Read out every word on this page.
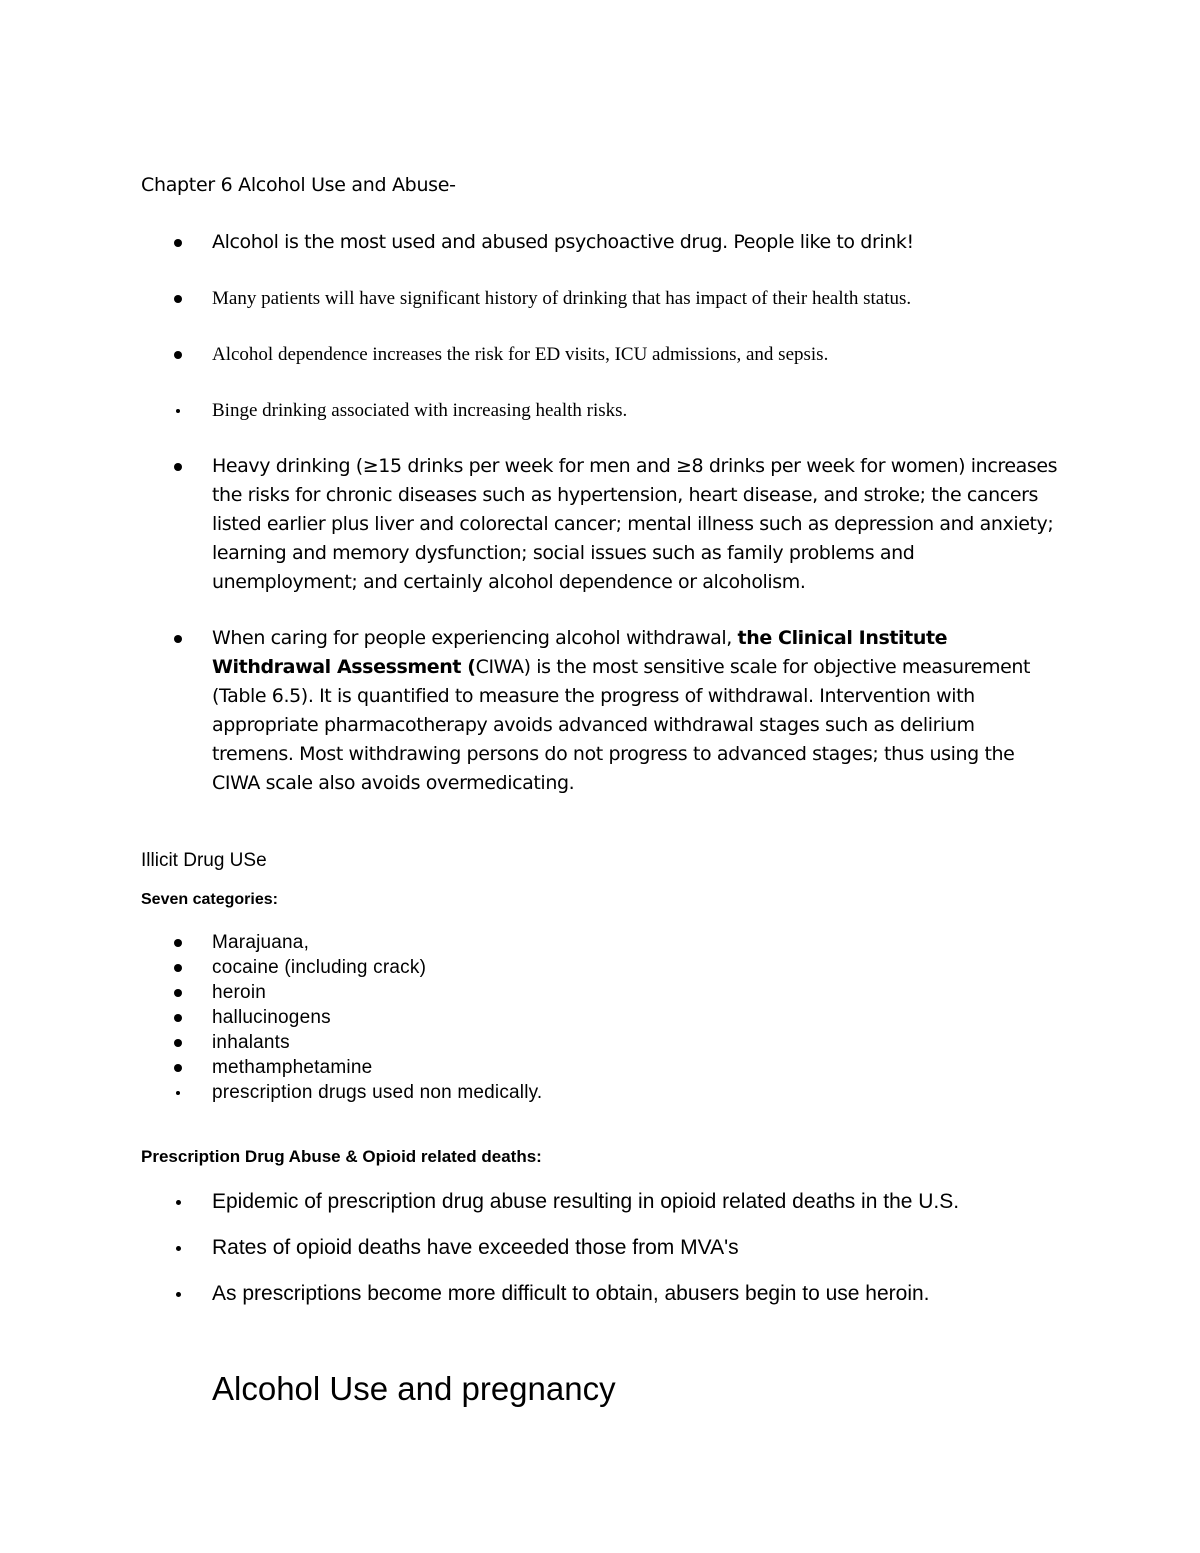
Chapter 6 Alcohol Use and Abuse-
Alcohol is the most used and abused psychoactive drug. People like to drink!
Many patients will have significant history of drinking that has impact of their health status.
Alcohol dependence increases the risk for ED visits, ICU admissions, and sepsis.
Binge drinking associated with increasing health risks.
Heavy drinking (≥15 drinks per week for men and ≥8 drinks per week for women) increases the risks for chronic diseases such as hypertension, heart disease, and stroke; the cancers listed earlier plus liver and colorectal cancer; mental illness such as depression and anxiety; learning and memory dysfunction; social issues such as family problems and unemployment; and certainly alcohol dependence or alcoholism.
When caring for people experiencing alcohol withdrawal, the Clinical Institute Withdrawal Assessment (CIWA) is the most sensitive scale for objective measurement (Table 6.5). It is quantified to measure the progress of withdrawal. Intervention with appropriate pharmacotherapy avoids advanced withdrawal stages such as delirium tremens. Most withdrawing persons do not progress to advanced stages; thus using the CIWA scale also avoids overmedicating.
Illicit Drug USe
Seven categories:
Marajuana,
cocaine (including crack)
heroin
hallucinogens
inhalants
methamphetamine
prescription drugs used non medically.
Prescription Drug Abuse & Opioid related deaths:
Epidemic of prescription drug abuse resulting in opioid related deaths in the U.S.
Rates of opioid deaths have exceeded those from MVA's
As prescriptions become more difficult to obtain, abusers begin to use heroin.
Alcohol Use and pregnancy
